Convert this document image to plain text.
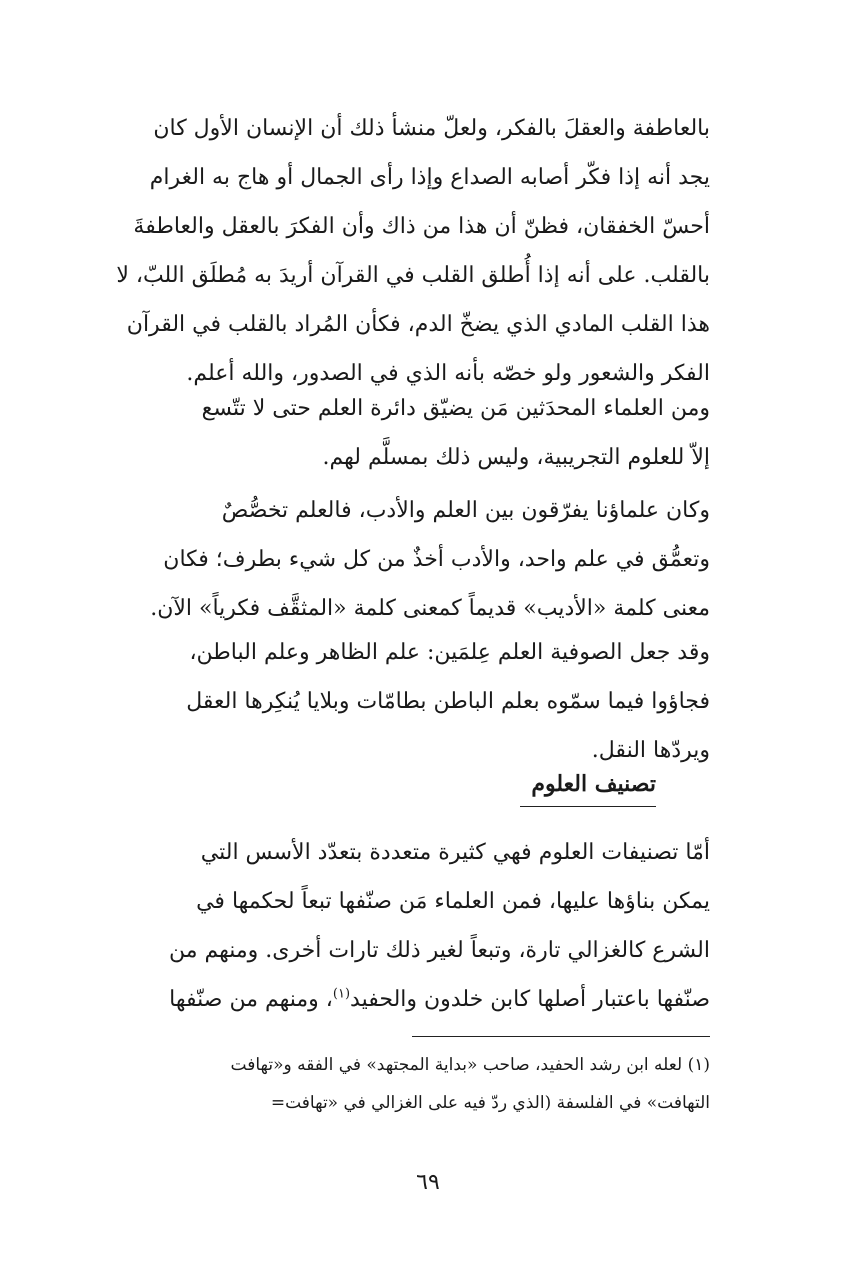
بالعاطفة والعقلَ بالفكر، ولعلّ منشأ ذلك أن الإنسان الأول كان
يجد أنه إذا فكّر أصابه الصداع وإذا رأى الجمال أو هاج به الغرام
أحسّ الخفقان، فظنّ أن هذا من ذاك وأن الفكرَ بالعقل والعاطفةَ
بالقلب. على أنه إذا أُطلق القلب في القرآن أريدَ به مُطلَق اللبّ، لا
هذا القلب المادي الذي يضخّ الدم، فكأن المُراد بالقلب في القرآن
الفكر والشعور ولو خصّه بأنه الذي في الصدور، والله أعلم.
ومن العلماء المحدَثين مَن يضيّق دائرة العلم حتى لا تتّسع
إلاّ للعلوم التجريبية، وليس ذلك بمسلَّم لهم.
وكان علماؤنا يفرّقون بين العلم والأدب، فالعلم تخصُّصٌ
وتعمُّق في علم واحد، والأدب أخذٌ من كل شيء بطرف؛ فكان
معنى كلمة «الأديب» قديماً كمعنى كلمة «المثقَّف فكرياً» الآن.
وقد جعل الصوفية العلم عِلمَين: علم الظاهر وعلم الباطن،
فجاؤوا فيما سمّوه بعلم الباطن بطامّات وبلايا يُنكِرها العقل
ويردّها النقل.
تصنيف العلوم
أمّا تصنيفات العلوم فهي كثيرة متعددة بتعدّد الأسس التي
يمكن بناؤها عليها، فمن العلماء مَن صنّفها تبعاً لحكمها في
الشرع كالغزالي تارة، وتبعاً لغير ذلك تارات أخرى. ومنهم من
صنّفها باعتبار أصلها كابن خلدون والحفيد$^{(١)}$، ومنهم من صنّفها
(١) لعله ابن رشد الحفيد، صاحب «بداية المجتهد» في الفقه و«تهافت
التهافت» في الفلسفة (الذي ردّ فيه على الغزالي في «تهافت=
٦٩
